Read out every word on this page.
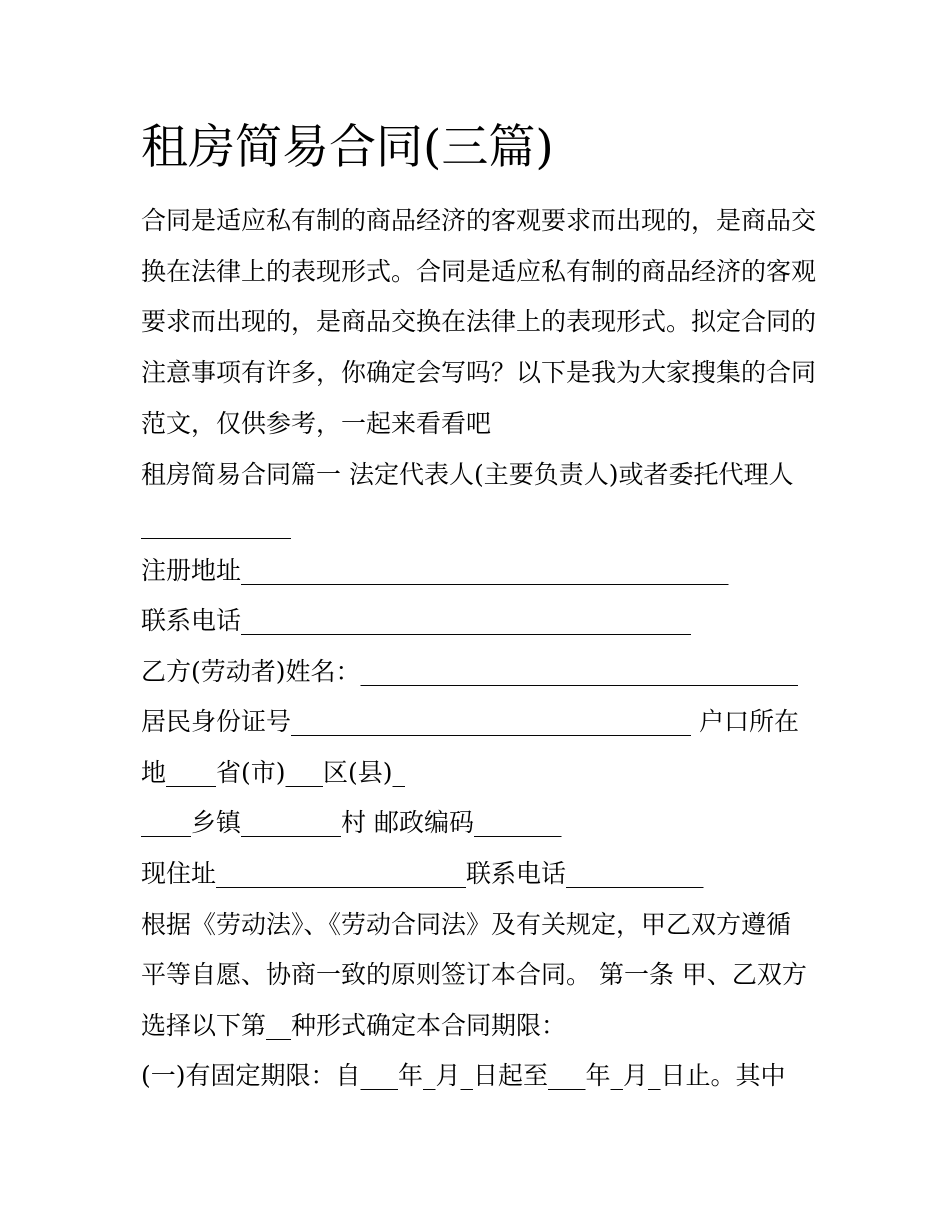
租房简易合同(三篇)
合同是适应私有制的商品经济的客观要求而出现的，是商品交
换在法律上的表现形式。合同是适应私有制的商品经济的客观
要求而出现的，是商品交换在法律上的表现形式。拟定合同的
注意事项有许多，你确定会写吗？以下是我为大家搜集的合同
范文，仅供参考，一起来看看吧
租房简易合同篇一 法定代表人(主要负责人)或者委托代理人
____________
注册地址_______________________________________
联系电话____________________________________
乙方(劳动者)姓名：___________________________________
居民身份证号________________________________ 户口所在
地____省(市)___区(县)_
____乡镇________村 邮政编码_______
现住址____________________联系电话___________
根据《劳动法》、《劳动合同法》及有关规定，甲乙双方遵循
平等自愿、协商一致的原则签订本合同。 第一条 甲、乙双方
选择以下第__种形式确定本合同期限：
(一)有固定期限：自___年_月_日起至___年_月_日止。其中
